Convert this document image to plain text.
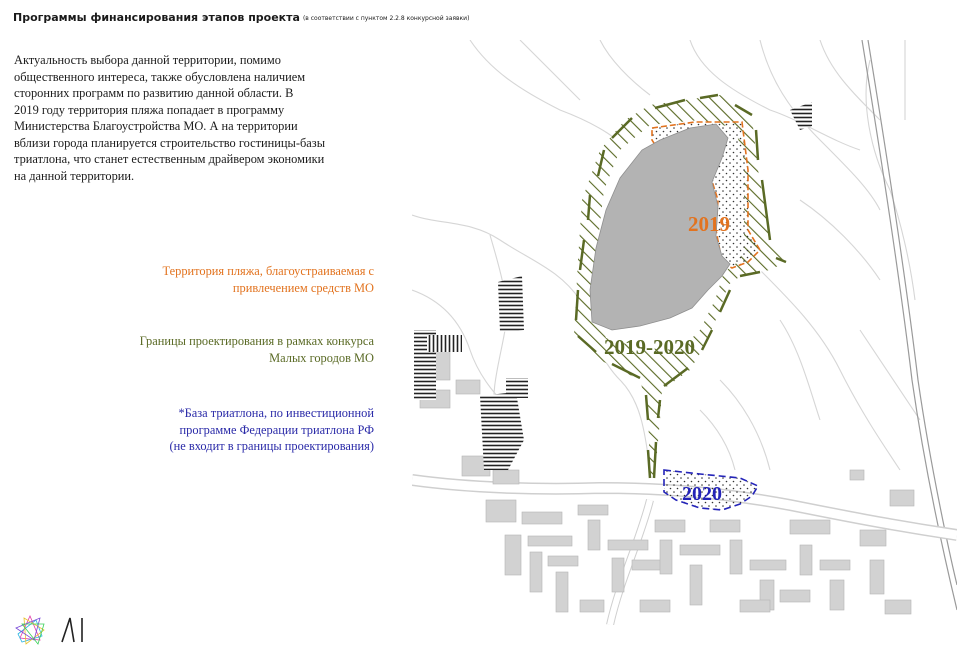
Программы финансирования этапов проекта (в соответствии с пунктом 2.2.8 конкурсной заявки)
Актуальность выбора данной территории, помимо
общественного интереса, также обусловлена наличием
сторонних программ по развитию данной области. В
2019 году территория пляжа попадает в программу
Министерства Благоустройства МО. А на территории
вблизи города планируется строительство гостиницы-базы
триатлона, что станет естественным драйвером экономики
на данной территории.
Территория пляжа, благоустраиваемая с
привлечением средств МО
Границы проектирования в рамках конкурса
Малых городов МО
*База триатлона, по инвестиционной
программе Федерации триатлона РФ
(не входит в границы проектирования)
2019
2019-2020
2020
